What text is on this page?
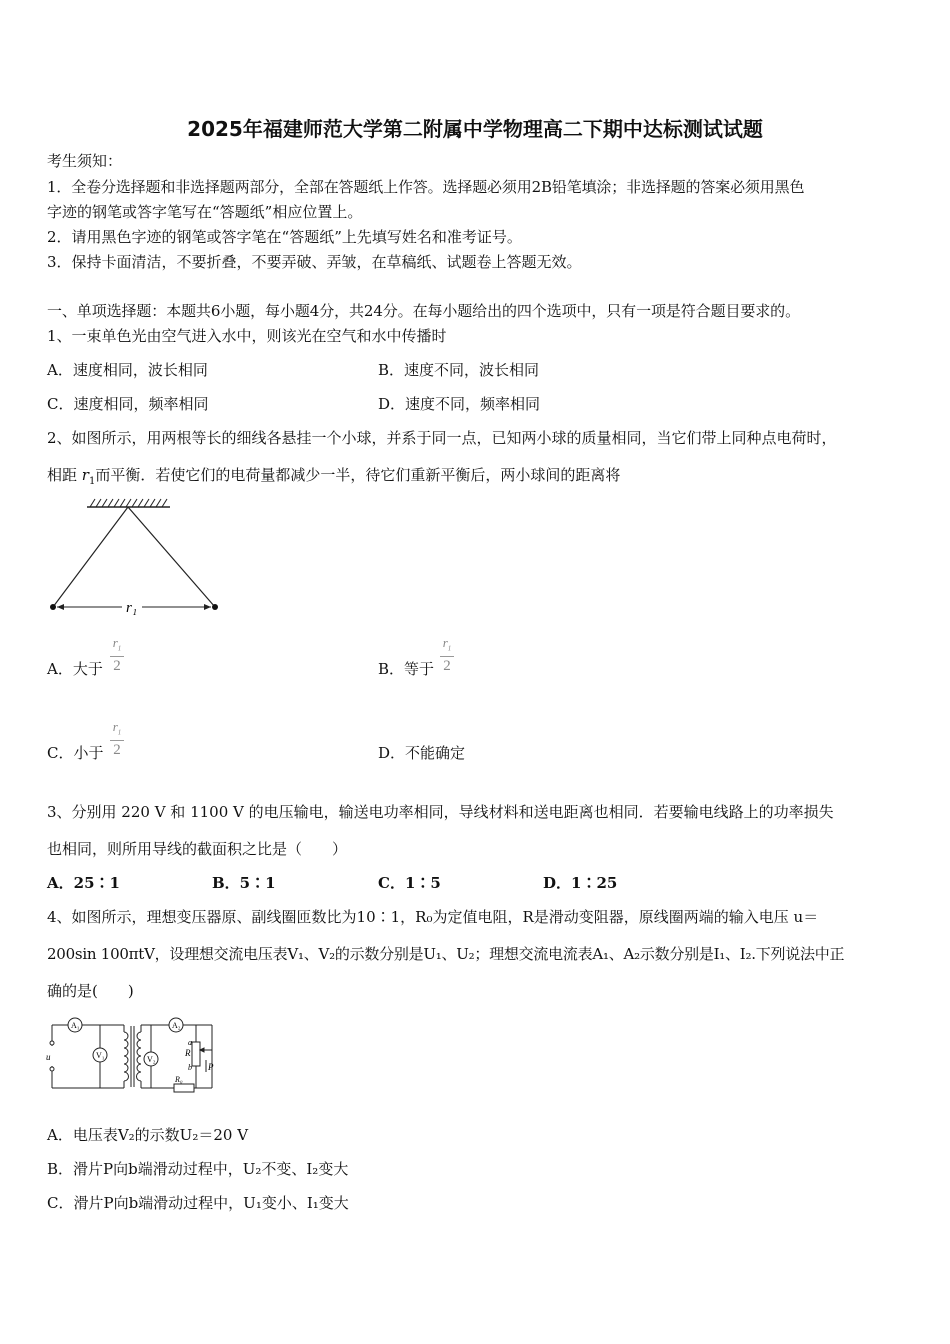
2025年福建师范大学第二附属中学物理高二下期中达标测试试题
考生须知：
1．全卷分选择题和非选择题两部分，全部在答题纸上作答。选择题必须用2B铅笔填涂；非选择题的答案必须用黑色
字迹的钢笔或答字笔写在“答题纸”相应位置上。
2．请用黑色字迹的钢笔或答字笔在“答题纸”上先填写姓名和准考证号。
3．保持卡面清洁，不要折叠，不要弄破、弄皱，在草稿纸、试题卷上答题无效。
一、单项选择题：本题共6小题，每小题4分，共24分。在每小题给出的四个选项中，只有一项是符合题目要求的。
1、一束单色光由空气进入水中，则该光在空气和水中传播时
A．速度相同，波长相同	B．速度不同，波长相同
C．速度相同，频率相同	D．速度不同，频率相同
2、如图所示，用两根等长的细线各悬挂一个小球，并系于同一点，已知两小球的质量相同，当它们带上同种点电荷时，
相距 $r_1$而平衡．若使它们的电荷量都减少一半，待它们重新平衡后，两小球间的距离将
r₁
A．大于 $\frac{r_1}{2}$	B．等于 $\frac{r_1}{2}$
C．小于 $\frac{r_1}{2}$	D．不能确定
3、分别用 220 V 和 1100 V 的电压输电，输送电功率相同，导线材料和送电距离也相同．若要输电线路上的功率损失
也相同，则所用导线的截面积之比是（　　）
A．25∶1	B．5∶1	C．1∶5	D．1∶25
4、如图所示，理想变压器原、副线圈匝数比为10∶1，R₀为定值电阻，R是滑动变阻器，原线圈两端的输入电压 u＝
200sin 100πtV，设理想交流电压表V₁、V₂的示数分别是U₁、U₂；理想交流电流表A₁、A₂示数分别是I₁、I₂.下列说法中正
确的是(　　)
A₁
V₁
A₂
V₂
u	R
a
b P
R₀
A．电压表V₂的示数U₂＝20 V
B．滑片P向b端滑动过程中，U₂不变、I₂变大
C．滑片P向b端滑动过程中，U₁变小、I₁变大
